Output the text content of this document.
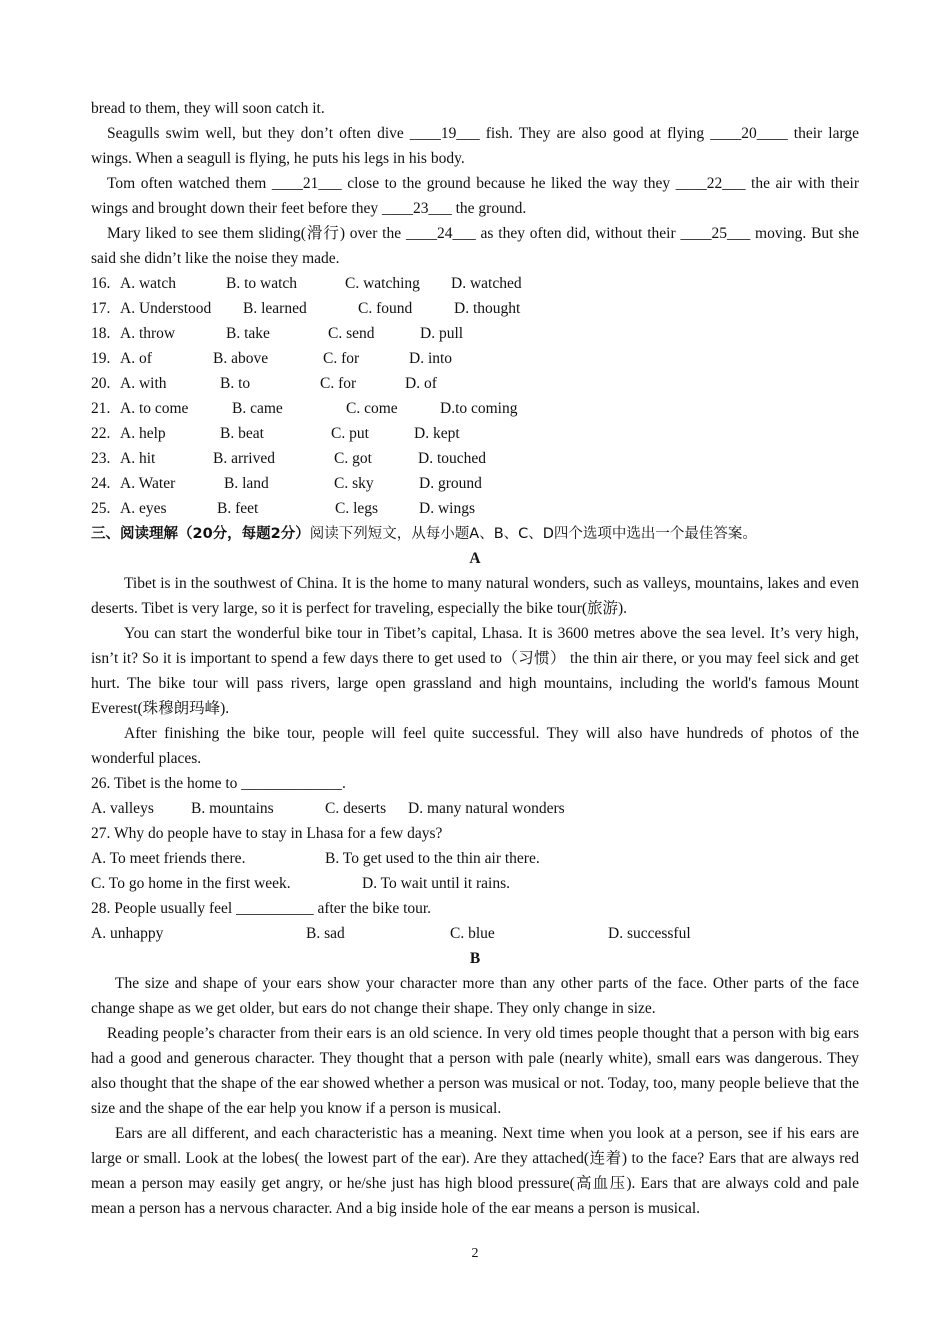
bread to them, they will soon catch it.

Seagulls swim well, but they don’t often dive ____19___ fish. They are also good at flying ____20____ their large wings. When a seagull is flying, he puts his legs in his body.

Tom often watched them ____21___ close to the ground because he liked the way they ____22___ the air with their wings and brought down their feet before they ____23___ the ground.

Mary liked to see them sliding(滑行) over the ____24___ as they often did, without their ____25___ moving. But she said she didn’t like the noise they made.

16. A. watch	B. to watch	C. watching	D. watched
17. A. Understood	B. learned	C. found	D. thought
18. A. throw	B. take	C. send	D. pull
19. A. of	B. above	C. for	D. into
20. A. with	B. to	C. for	D. of
21. A. to come	B. came	C. come	D.to coming
22. A. help	B. beat	C. put	D. kept
23. A. hit	B. arrived	C. got	D. touched
24. A. Water	B. land	C. sky	D. ground
25. A. eyes	B. feet	C. legs	D. wings
三、阅读理解（20分，每题2分）阅读下列短文，从每小题A、B、C、D四个选项中选出一个最佳答案。
A

Tibet is in the southwest of China. It is the home to many natural wonders, such as valleys, mountains, lakes and even deserts. Tibet is very large, so it is perfect for traveling, especially the bike tour(旅游).

You can start the wonderful bike tour in Tibet’s capital, Lhasa. It is 3600 metres above the sea level. It’s very high, isn’t it? So it is important to spend a few days there to get used to（习惯） the thin air there, or you may feel sick and get hurt. The bike tour will pass rivers, large open grassland and high mountains, including the world's famous Mount Everest(珠穆朗玛峰).

After finishing the bike tour, people will feel quite successful. They will also have hundreds of photos of the wonderful places.

26. Tibet is the home to _____________.
A. valleys	B. mountains	C. deserts	D. many natural wonders
27. Why do people have to stay in Lhasa for a few days?
A. To meet friends there.	B. To get used to the thin air there.
C. To go home in the first week.	D. To wait until it rains.
28. People usually feel __________ after the bike tour.
A. unhappy	B. sad	C. blue	D. successful
B

The size and shape of your ears show your character more than any other parts of the face. Other parts of the face change shape as we get older, but ears do not change their shape. They only change in size.

Reading people’s character from their ears is an old science. In very old times people thought that a person with big ears had a good and generous character. They thought that a person with pale (nearly white), small ears was dangerous. They also thought that the shape of the ear showed whether a person was musical or not. Today, too, many people believe that the size and the shape of the ear help you know if a person is musical.

Ears are all different, and each characteristic has a meaning. Next time when you look at a person, see if his ears are large or small. Look at the lobes( the lowest part of the ear). Are they attached(连着) to the face? Ears that are always red mean a person may easily get angry, or he/she just has high blood pressure(高血压). Ears that are always cold and pale mean a person has a nervous character. And a big inside hole of the ear means a person is musical.

2
